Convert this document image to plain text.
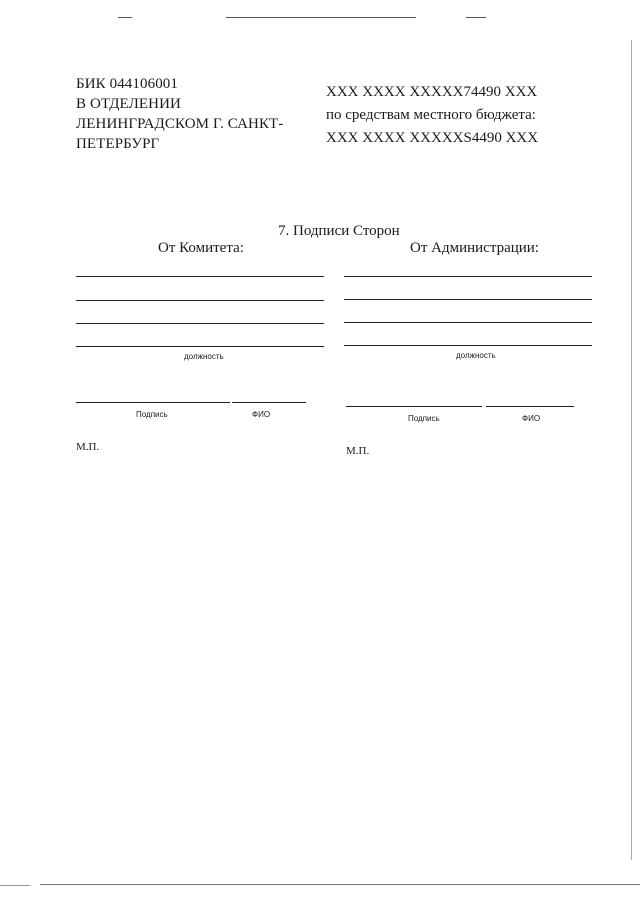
БИК 044106001
В ОТДЕЛЕНИИ
ЛЕНИНГРАДСКОМ Г. САНКТ-
ПЕТЕРБУРГ
XXX XXXX XXXXX74490 XXX
по средствам местного бюджета:
XXX XXXX XXXXXS4490 XXX
7. Подписи Сторон
От Комитета:
должность
Подпись	ФИО
М.П.
От Администрации:
должность
Подпись	ФИО
М.П.
